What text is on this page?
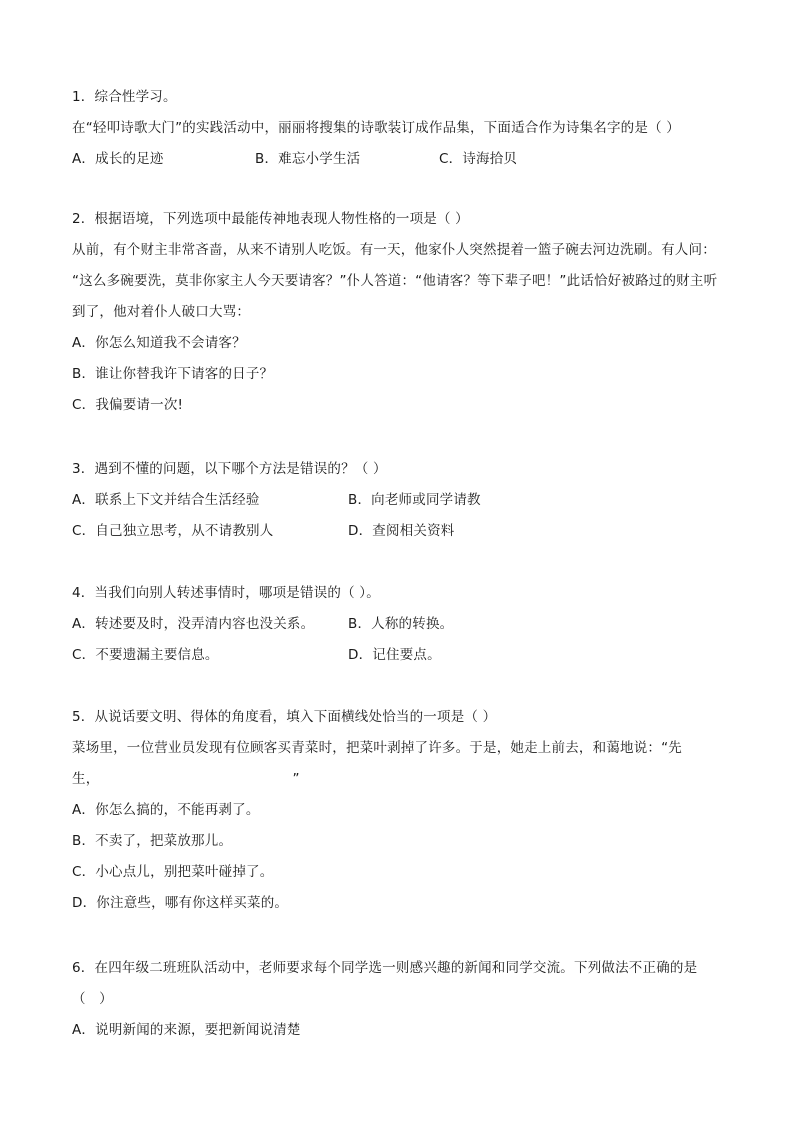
1．综合性学习。
在“轻叩诗歌大门”的实践活动中，丽丽将搜集的诗歌装订成作品集，下面适合作为诗集名字的是（ ）
A．成长的足迹	B．难忘小学生活	C．诗海拾贝
2．根据语境，下列选项中最能传神地表现人物性格的一项是（ ）
从前，有个财主非常吝啬，从来不请别人吃饭。有一天，他家仆人突然提着一篮子碗去河边洗刷。有人问：
“这么多碗要洗，莫非你家主人今天要请客？”仆人答道：“他请客？等下辈子吧！”此话恰好被路过的财主听
到了，他对着仆人破口大骂：
A．你怎么知道我不会请客？
B．谁让你替我许下请客的日子？
C．我偏要请一次!
3．遇到不懂的问题，以下哪个方法是错误的？（ ）
A．联系上下文并结合生活经验	B．向老师或同学请教
C．自己独立思考，从不请教别人	D．查阅相关资料
4．当我们向别人转述事情时，哪项是错误的（ ）。
A．转述要及时，没弄清内容也没关系。	B．人称的转换。
C．不要遗漏主要信息。	D．记住要点。
5．从说话要文明、得体的角度看，填入下面横线处恰当的一项是（ ）
菜场里，一位营业员发现有位顾客买青菜时，把菜叶剥掉了许多。于是，她走上前去，和蔼地说：“先
生，                                           ”
A．你怎么搞的，不能再剥了。
B．不卖了，把菜放那儿。
C．小心点儿，别把菜叶碰掉了。
D．你注意些，哪有你这样买菜的。
6．在四年级二班班队活动中，老师要求每个同学选一则感兴趣的新闻和同学交流。下列做法不正确的是
（   ）
A．说明新闻的来源，要把新闻说清楚
